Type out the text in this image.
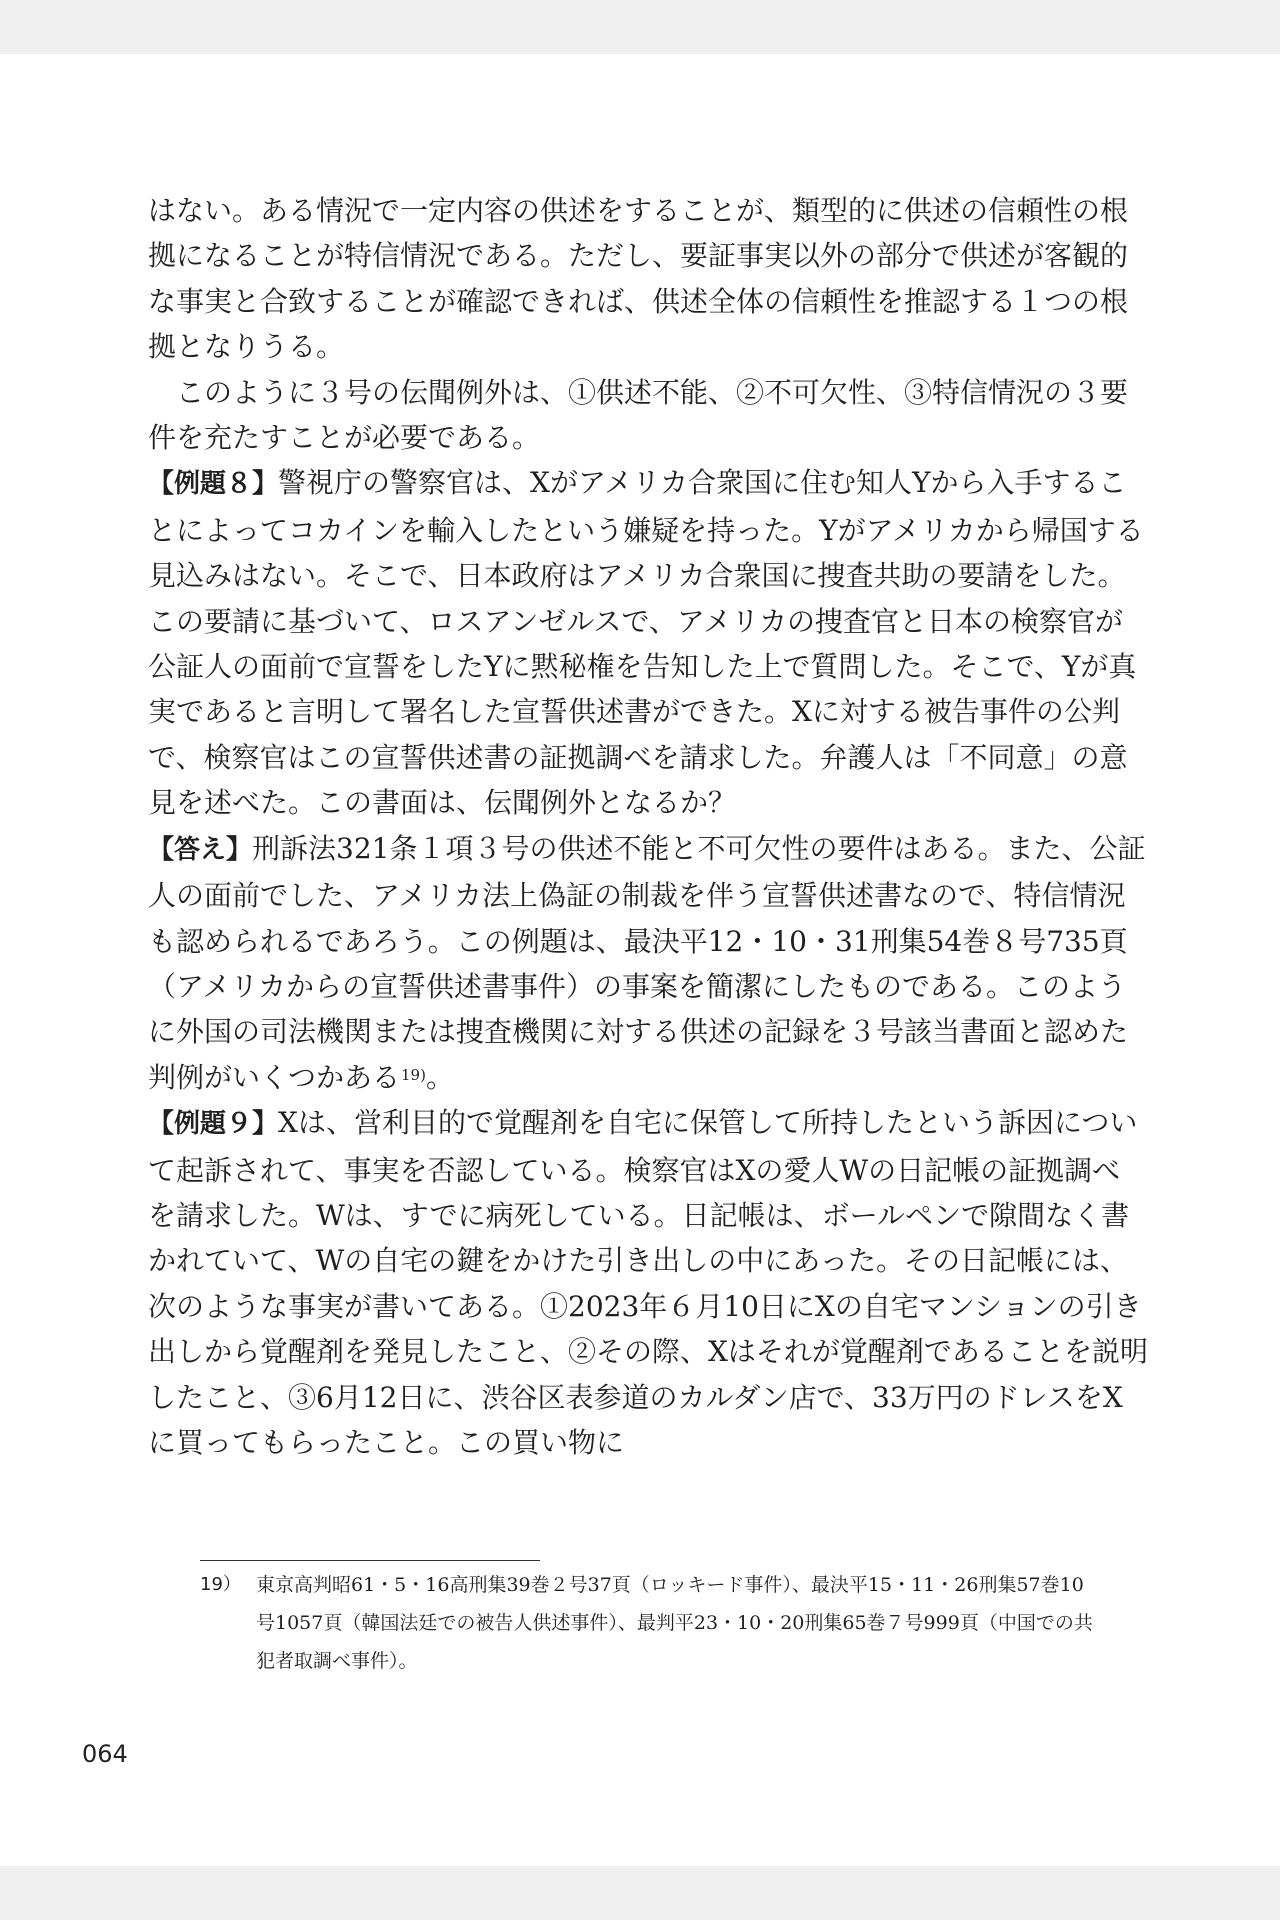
はない。ある情況で一定内容の供述をすることが、類型的に供述の信頼性の根拠になることが特信情況である。ただし、要証事実以外の部分で供述が客観的な事実と合致することが確認できれば、供述全体の信頼性を推認する１つの根拠となりうる。

このように３号の伝聞例外は、①供述不能、②不可欠性、③特信情況の３要件を充たすことが必要である。

【例題８】警視庁の警察官は、Xがアメリカ合衆国に住む知人Yから入手することによってコカインを輸入したという嫌疑を持った。Yがアメリカから帰国する見込みはない。そこで、日本政府はアメリカ合衆国に捜査共助の要請をした。この要請に基づいて、ロスアンゼルスで、アメリカの捜査官と日本の検察官が公証人の面前で宣誓をしたYに黙秘権を告知した上で質問した。そこで、Yが真実であると言明して署名した宣誓供述書ができた。Xに対する被告事件の公判で、検察官はこの宣誓供述書の証拠調べを請求した。弁護人は「不同意」の意見を述べた。この書面は、伝聞例外となるか？

【答え】刑訴法321条１項３号の供述不能と不可欠性の要件はある。また、公証人の面前でした、アメリカ法上偽証の制裁を伴う宣誓供述書なので、特信情況も認められるであろう。この例題は、最決平12・10・31刑集54巻８号735頁（アメリカからの宣誓供述書事件）の事案を簡潔にしたものである。このように外国の司法機関または捜査機関に対する供述の記録を３号該当書面と認めた判例がいくつかある$^{19)}$。

【例題９】Xは、営利目的で覚醒剤を自宅に保管して所持したという訴因について起訴されて、事実を否認している。検察官はXの愛人Wの日記帳の証拠調べを請求した。Wは、すでに病死している。日記帳は、ボールペンで隙間なく書かれていて、Wの自宅の鍵をかけた引き出しの中にあった。その日記帳には、次のような事実が書いてある。①2023年６月10日にXの自宅マンションの引き出しから覚醒剤を発見したこと、②その際、Xはそれが覚醒剤であることを説明したこと、③6月12日に、渋谷区表参道のカルダン店で、33万円のドレスをXに買ってもらったこと。この買い物に

19） 東京高判昭61・5・16高刑集39巻２号37頁（ロッキード事件）、最決平15・11・26刑集57巻10号1057頁（韓国法廷での被告人供述事件）、最判平23・10・20刑集65巻７号999頁（中国での共犯者取調べ事件）。

064
